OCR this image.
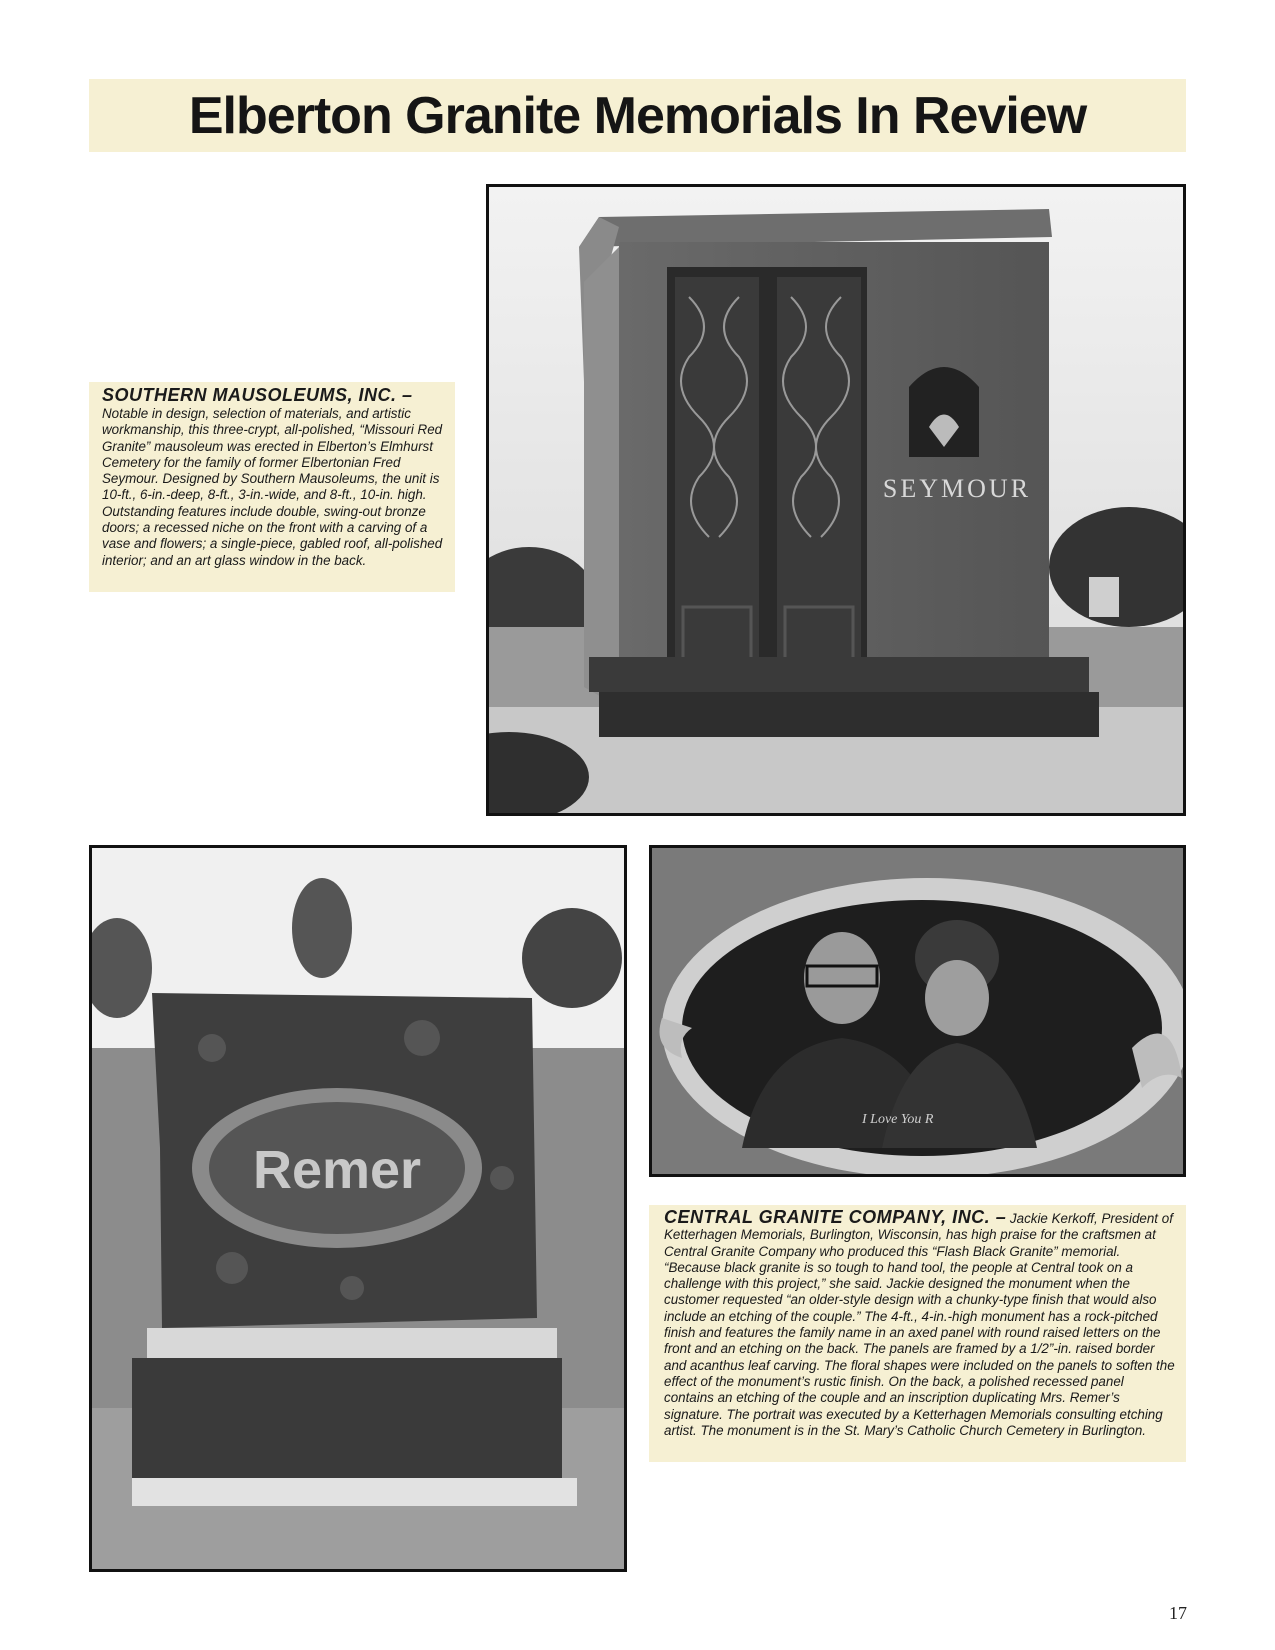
Elberton Granite Memorials In Review
SEYMOUR
SOUTHERN MAUSOLEUMS, INC. –
Notable in design, selection of materials, and artistic workmanship, this three-crypt, all-polished, “Missouri Red Granite” mausoleum was erected in Elberton’s Elmhurst Cemetery for the family of former Elbertonian Fred Seymour. Designed by Southern Mausoleums, the unit is 10-ft., 6-in.-deep, 8-ft., 3-in.-wide, and 8-ft., 10-in. high. Outstanding features include double, swing-out bronze doors; a recessed niche on the front with a carving of a vase and flowers; a single-piece, gabled roof, all-polished interior; and an art glass window in the back.
Remer
I Love You R
CENTRAL GRANITE COMPANY, INC. – Jackie Kerkoff, President of Ketterhagen Memorials, Burlington, Wisconsin, has high praise for the craftsmen at Central Granite Company who produced this “Flash Black Granite” memorial. “Because black granite is so tough to hand tool, the people at Central took on a challenge with this project,” she said. Jackie designed the monument when the customer requested “an older-style design with a chunky-type finish that would also include an etching of the couple.” The 4-ft., 4-in.-high monument has a rock-pitched finish and features the family name in an axed panel with round raised letters on the front and an etching on the back. The panels are framed by a 1/2”-in. raised border and acanthus leaf carving. The floral shapes were included on the panels to soften the effect of the monument’s rustic finish. On the back, a polished recessed panel contains an etching of the couple and an inscription duplicating Mrs. Remer’s signature. The portrait was executed by a Ketterhagen Memorials consulting etching artist. The monument is in the St. Mary’s Catholic Church Cemetery in Burlington.
17
